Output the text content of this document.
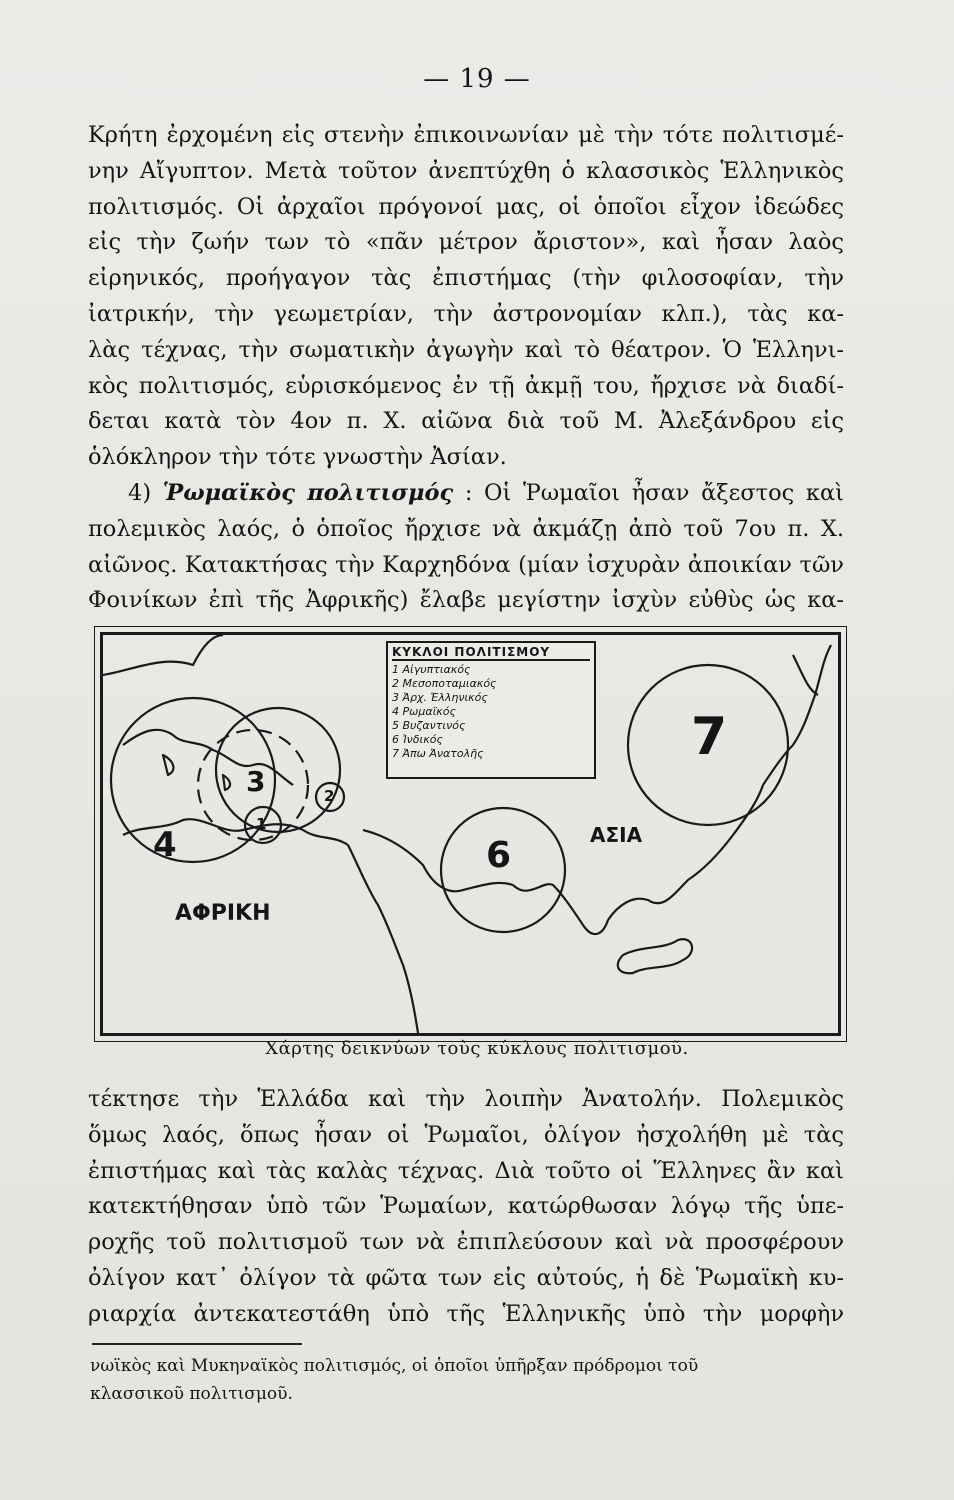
— 19 —
Κρήτη ἐρχομένη εἰς στενὴν ἐπικοινωνίαν μὲ τὴν τότε πολιτισμέ-
νην Αἴγυπτον. Μετὰ τοῦτον ἀνεπτύχθη ὁ κλασσικὸς Ἑλληνικὸς
πολιτισμός. Οἱ ἀρχαῖοι πρόγονοί μας, οἱ ὁποῖοι εἶχον ἰδεώδες
εἰς τὴν ζωήν των τὸ «πᾶν μέτρον ἄριστον», καὶ ἦσαν λαὸς
εἰρηνικός, προήγαγον τὰς ἐπιστήμας (τὴν φιλοσοφίαν, τὴν
ἰατρικήν, τὴν γεωμετρίαν, τὴν ἀστρονομίαν κλπ.), τὰς κα-
λὰς τέχνας, τὴν σωματικὴν ἀγωγὴν καὶ τὸ θέατρον. Ὁ Ἑλληνι-
κὸς πολιτισμός, εὑρισκόμενος ἐν τῇ ἀκμῇ του, ἤρχισε νὰ διαδί-
δεται κατὰ τὸν 4ον π. Χ. αἰῶνα διὰ τοῦ Μ. Ἀλεξάνδρου εἰς
ὁλόκληρον τὴν τότε γνωστὴν Ἀσίαν.
4) Ῥωμαϊκὸς πολιτισμός : Οἱ Ῥωμαῖοι ἦσαν ἄξεστος καὶ
πολεμικὸς λαός, ὁ ὁποῖος ἤρχισε νὰ ἀκμάζῃ ἀπὸ τοῦ 7ου π. Χ.
αἰῶνος. Κατακτήσας τὴν Καρχηδόνα (μίαν ἰσχυρὰν ἀποικίαν τῶν
Φοινίκων ἐπὶ τῆς Ἀφρικῆς) ἔλαβε μεγίστην ἰσχὺν εὐθὺς ὡς κα-
ΚΥΚΛΟΙ ΠΟΛΙΤΙΣΜΟΥ
1 Αἰγυπτιακός
2 Μεσοποταμιακός
3 Ἀρχ. Ἑλληνικός
4 Ρωμαϊκός
5 Βυζαντινός
6 Ἰνδικός
7 Ἀπω Ἀνατολῆς
ΑΦΡΙΚΗ
ΑΣΙΑ
3
4	6
7
1
2
Χάρτης δεικνύων τοὺς κύκλους πολιτισμοῦ.
τέκτησε τὴν Ἑλλάδα καὶ τὴν λοιπὴν Ἀνατολήν. Πολεμικὸς
ὅμως λαός, ὅπως ἦσαν οἱ Ῥωμαῖοι, ὀλίγον ἠσχολήθη μὲ τὰς
ἐπιστήμας καὶ τὰς καλὰς τέχνας. Διὰ τοῦτο οἱ Ἕλληνες ἂν καὶ
κατεκτήθησαν ὑπὸ τῶν Ῥωμαίων, κατώρθωσαν λόγῳ τῆς ὑπε-
ροχῆς τοῦ πολιτισμοῦ των νὰ ἐπιπλεύσουν καὶ νὰ προσφέρουν
ὀλίγον κατ᾽ ὀλίγον τὰ φῶτα των εἰς αὐτούς, ἡ δὲ Ῥωμαϊκὴ κυ-
ριαρχία ἀντεκατεστάθη ὑπὸ τῆς Ἑλληνικῆς ὑπὸ τὴν μορφὴν
νωϊκὸς καὶ Μυκηναϊκὸς πολιτισμός, οἱ ὁποῖοι ὑπῆρξαν πρόδρομοι τοῦ
κλασσικοῦ πολιτισμοῦ.
